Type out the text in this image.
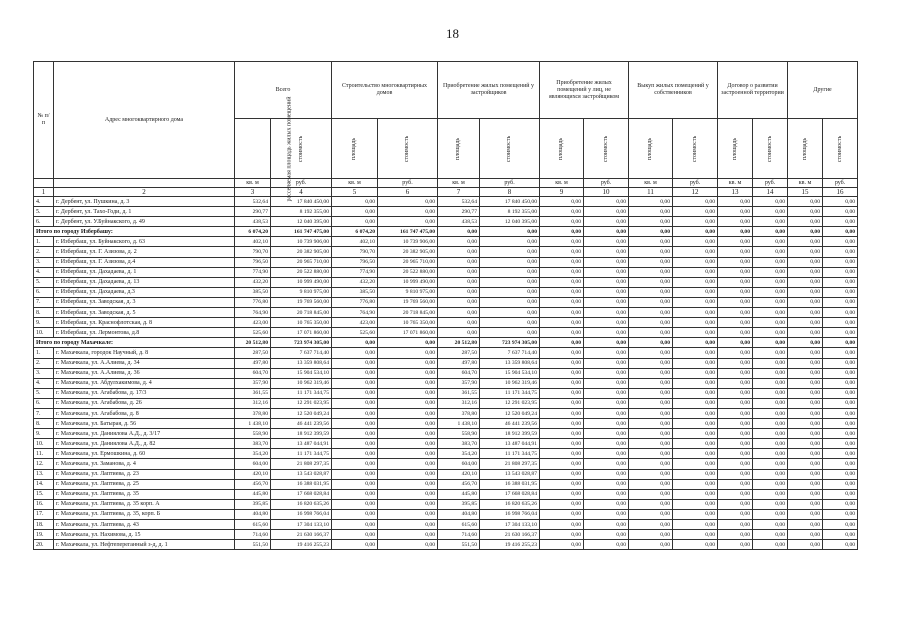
18
№ п/п	Адрес многоквартирного дома	Всего		Строительство многоквартирных домов		Приобретение жилых помещений у застройщиков		Приобретение жилых помещений у лиц, не являющихся застройщиком		Выкуп жилых помещений у собственников		Договор о развитии застроенной территории		Другие	
		расселяемая площадь жилых помещений	стоимость	площадь	стоимость	площадь	стоимость	площадь	стоимость	площадь	стоимость	площадь	стоимость	площадь	стоимость
		кв. м	руб.	кв. м	руб.	кв. м	руб.	кв. м	руб.	кв. м	руб.	кв. м	руб.	кв. м	руб.
1	2	3	4	5	6	7	8	9	10	11	12	13	14	15	16
4.	г. Дербент, ул. Пушкина, д. 3	532,64	17 840 450,00	0,00	0,00	532,64	17 840 450,00	0,00	0,00	0,00	0,00	0,00	0,00	0,00	0,00
5.	г. Дербент, ул. Тахо-Годи, д. 1	290,77	8 192 355,00	0,00	0,00	290,77	8 192 355,00	0,00	0,00	0,00	0,00	0,00	0,00	0,00	0,00
6.	г. Дербент, ул. У.Буйнакского, д. 49	438,53	12 040 395,00	0,00	0,00	438,53	12 040 395,00	0,00	0,00	0,00	0,00	0,00	0,00	0,00	0,00
Итого по городу Избербашу:		6 074,20	161 747 475,00	6 074,20	161 747 475,00	0,00	0,00	0,00	0,00	0,00	0,00	0,00	0,00	0,00	0,00
1.	г. Избербаш, ул. Буйнакского, д. 63	402,10	10 739 906,00	402,10	10 739 906,00	0,00	0,00	0,00	0,00	0,00	0,00	0,00	0,00	0,00	0,00
2.	г. Избербаш, ул. Г. Азизова, д. 2	790,70	20 382 905,00	790,70	20 382 905,00	0,00	0,00	0,00	0,00	0,00	0,00	0,00	0,00	0,00	0,00
3.	г. Избербаш, ул. Г. Азизова, д.4	796,50	20 965 710,00	796,50	20 965 710,00	0,00	0,00	0,00	0,00	0,00	0,00	0,00	0,00	0,00	0,00
4.	г. Избербаш, ул. Дахадаева, д. 1	774,90	20 522 880,00	774,90	20 522 880,00	0,00	0,00	0,00	0,00	0,00	0,00	0,00	0,00	0,00	0,00
5.	г. Избербаш, ул. Дахадаева, д. 13	432,20	10 999 490,00	432,20	10 999 490,00	0,00	0,00	0,00	0,00	0,00	0,00	0,00	0,00	0,00	0,00
6.	г. Избербаш, ул. Дахадаева, д.3	385,50	9 810 975,00	385,50	9 810 975,00	0,00	0,00	0,00	0,00	0,00	0,00	0,00	0,00	0,00	0,00
7.	г. Избербаш, ул. Заводская, д. 3	776,80	19 769 560,00	776,80	19 769 560,00	0,00	0,00	0,00	0,00	0,00	0,00	0,00	0,00	0,00	0,00
8.	г. Избербаш, ул. Заводская, д. 5	764,90	20 718 845,00	764,90	20 718 845,00	0,00	0,00	0,00	0,00	0,00	0,00	0,00	0,00	0,00	0,00
9.	г. Избербаш, ул. Краснофлотская, д. 8	423,00	10 765 350,00	423,00	10 765 350,00	0,00	0,00	0,00	0,00	0,00	0,00	0,00	0,00	0,00	0,00
10.	г. Избербаш, ул. Лермонтова, д.8	525,60	17 071 860,00	525,60	17 071 860,00	0,00	0,00	0,00	0,00	0,00	0,00	0,00	0,00	0,00	0,00
Итого по городу Махачкале:		20 512,80	723 974 305,00	0,00	0,00	20 512,80	723 974 305,00	0,00	0,00	0,00	0,00	0,00	0,00	0,00	0,00
1.	г. Махачкала, городок Научный, д. 8	287,50	7 637 714,40	0,00	0,00	287,50	7 637 714,40	0,00	0,00	0,00	0,00	0,00	0,00	0,00	0,00
2.	г. Махачкала, ул. А.Алиева, д. 34	497,80	13 359 808,64	0,00	0,00	497,80	13 359 808,64	0,00	0,00	0,00	0,00	0,00	0,00	0,00	0,00
3.	г. Махачкала, ул. А.Алиева, д. 36	604,70	15 904 534,10	0,00	0,00	604,70	15 904 534,10	0,00	0,00	0,00	0,00	0,00	0,00	0,00	0,00
4.	г. Махачкала, ул. Абдулхакимова, д. 4	357,90	10 962 319,46	0,00	0,00	357,90	10 962 319,46	0,00	0,00	0,00	0,00	0,00	0,00	0,00	0,00
5.	г. Махачкала, ул. Агабабова, д. 17/3	361,55	11 171 344,75	0,00	0,00	361,55	11 171 344,75	0,00	0,00	0,00	0,00	0,00	0,00	0,00	0,00
6.	г. Махачкала, ул. Агабабова, д. 26	312,16	12 291 023,95	0,00	0,00	312,16	12 291 023,95	0,00	0,00	0,00	0,00	0,00	0,00	0,00	0,00
7.	г. Махачкала, ул. Агабабова, д. 8	378,80	12 520 049,24	0,00	0,00	378,80	12 520 049,24	0,00	0,00	0,00	0,00	0,00	0,00	0,00	0,00
8.	г. Махачкала, ул. Батырая, д. 56	1 438,10	46 441 239,56	0,00	0,00	1 438,10	46 441 239,56	0,00	0,00	0,00	0,00	0,00	0,00	0,00	0,00
9.	г. Махачкала, ул. Даниялова А.Д., д. 3/17	558,90	18 912 399,59	0,00	0,00	558,90	18 912 399,59	0,00	0,00	0,00	0,00	0,00	0,00	0,00	0,00
10.	г. Махачкала, ул. Даниялова А.Д., д. 82	383,70	13 487 044,91	0,00	0,00	383,70	13 487 044,91	0,00	0,00	0,00	0,00	0,00	0,00	0,00	0,00
11.	г. Махачкала, ул. Ермошкина, д. 60	354,20	11 171 344,75	0,00	0,00	354,20	11 171 344,75	0,00	0,00	0,00	0,00	0,00	0,00	0,00	0,00
12.	г. Махачкала, ул. Заманова, д. 4	604,00	21 808 297,35	0,00	0,00	604,00	21 808 297,35	0,00	0,00	0,00	0,00	0,00	0,00	0,00	0,00
13.	г. Махачкала, ул. Лаптиева, д. 23	420,10	13 543 028,87	0,00	0,00	420,10	13 543 028,87	0,00	0,00	0,00	0,00	0,00	0,00	0,00	0,00
14.	г. Махачкала, ул. Лаптиева, д. 25	456,70	16 388 031,95	0,00	0,00	456,70	16 388 031,95	0,00	0,00	0,00	0,00	0,00	0,00	0,00	0,00
15.	г. Махачкала, ул. Лаптиева, д. 35	445,80	17 668 028,84	0,00	0,00	445,80	17 668 028,84	0,00	0,00	0,00	0,00	0,00	0,00	0,00	0,00
16.	г. Махачкала, ул. Лаптиева, д. 35 корп. А	395,85	16 820 635,26	0,00	0,00	395,85	16 820 635,26	0,00	0,00	0,00	0,00	0,00	0,00	0,00	0,00
17.	г. Махачкала, ул. Лаптиева, д. 35, корп. Б	404,80	16 998 766,04	0,00	0,00	404,80	16 998 766,04	0,00	0,00	0,00	0,00	0,00	0,00	0,00	0,00
18.	г. Махачкала, ул. Лаптиева, д. 43	615,60	17 304 133,10	0,00	0,00	615,60	17 304 133,10	0,00	0,00	0,00	0,00	0,00	0,00	0,00	0,00
19.	г. Махачкала, ул. Нахимова, д. 15	714,60	21 630 166,37	0,00	0,00	714,60	21 630 166,37	0,00	0,00	0,00	0,00	0,00	0,00	0,00	0,00
20.	г. Махачкала, ул. Нефтепереганный з-д, д. 1	551,50	19 416 255,23	0,00	0,00	551,50	19 416 255,23	0,00	0,00	0,00	0,00	0,00	0,00	0,00	0,00
